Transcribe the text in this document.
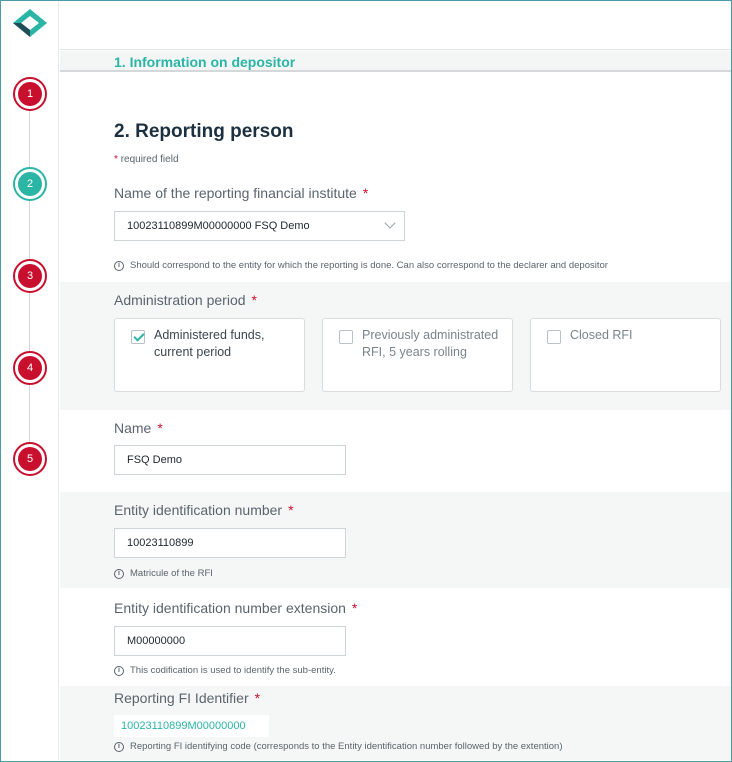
1
2
3
4
5
1. Information on depositor
2. Reporting person
* required field
Name of the reporting financial institute *
10023110899M00000000 FSQ Demo
i	Should correspond to the entity for which the reporting is done. Can also correspond to the declarer and depositor
Administration period *
Administered funds, current period
Previously administrated RFI, 5 years rolling
Closed RFI
Name *
FSQ Demo
Entity identification number *
10023110899
i	Matricule of the RFI
Entity identification number extension *
M00000000
i	This codification is used to identify the sub-entity.
Reporting FI Identifier *
10023110899M00000000
i	Reporting FI identifying code (corresponds to the Entity identification number followed by the extention)
